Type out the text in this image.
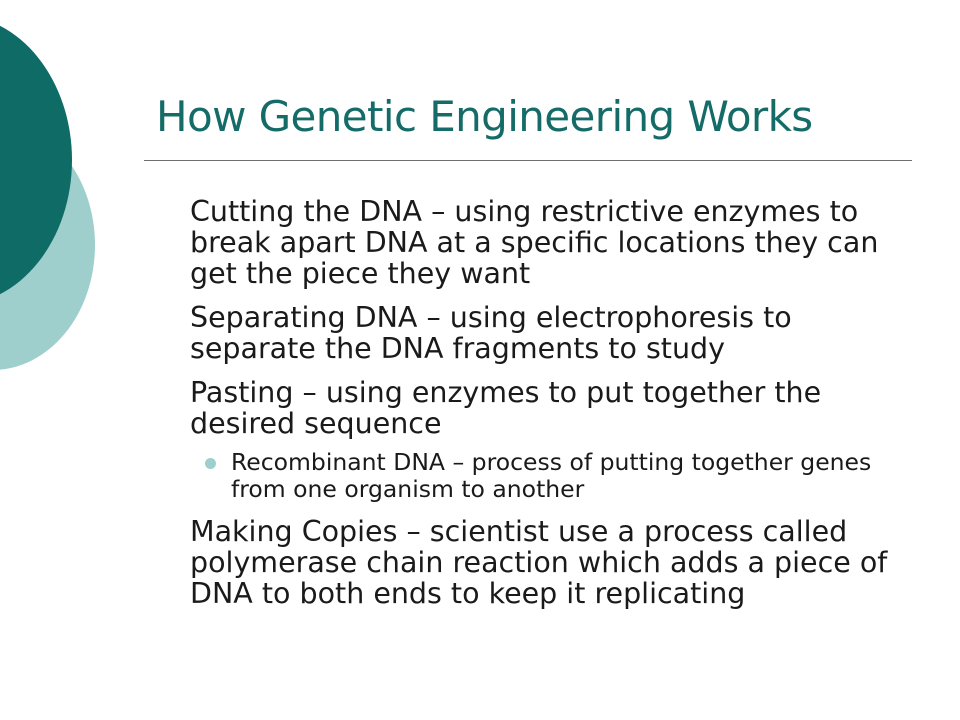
How Genetic Engineering Works
Cutting the DNA – using restrictive enzymes to break apart DNA at a specific locations they can get the piece they want
Separating DNA – using electrophoresis to separate the DNA fragments to study
Pasting – using enzymes to put together the desired sequence
Recombinant DNA – process of putting together genes from one organism to another
Making Copies – scientist use a process called polymerase chain reaction which adds a piece of DNA to both ends to keep it replicating
